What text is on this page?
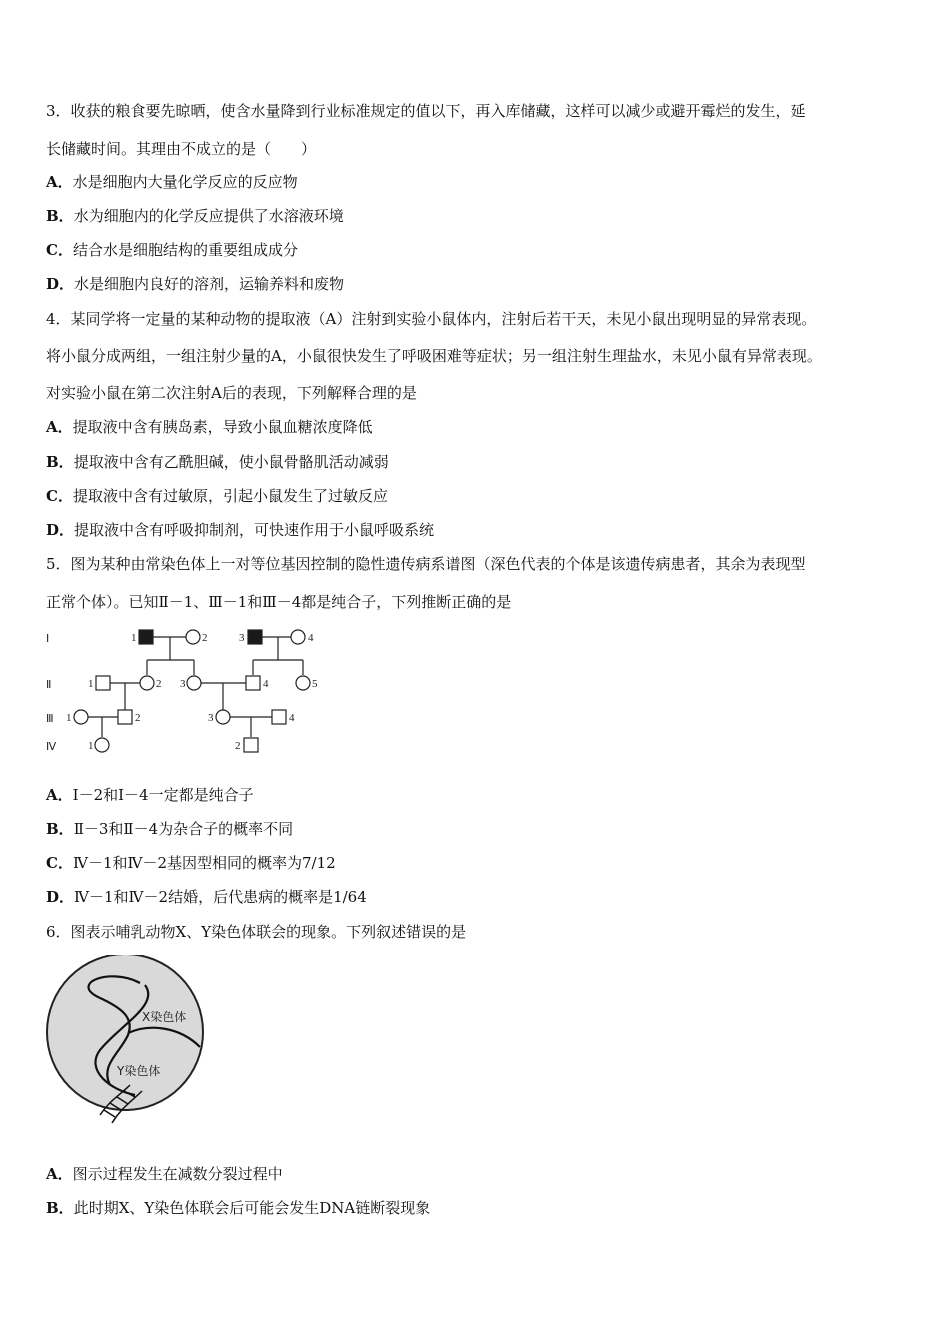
3．收获的粮食要先晾晒，使含水量降到行业标准规定的值以下，再入库储藏，这样可以减少或避开霉烂的发生，延
长储藏时间。其理由不成立的是（　　）
A．水是细胞内大量化学反应的反应物
B．水为细胞内的化学反应提供了水溶液环境
C．结合水是细胞结构的重要组成成分
D．水是细胞内良好的溶剂，运输养料和废物
4．某同学将一定量的某种动物的提取液（A）注射到实验小鼠体内，注射后若干天，未见小鼠出现明显的异常表现。
将小鼠分成两组，一组注射少量的A，小鼠很快发生了呼吸困难等症状；另一组注射生理盐水，未见小鼠有异常表现。
对实验小鼠在第二次注射A后的表现，下列解释合理的是
A．提取液中含有胰岛素，导致小鼠血糖浓度降低
B．提取液中含有乙酰胆碱，使小鼠骨骼肌活动减弱
C．提取液中含有过敏原，引起小鼠发生了过敏反应
D．提取液中含有呼吸抑制剂，可快速作用于小鼠呼吸系统
5．图为某种由常染色体上一对等位基因控制的隐性遗传病系谱图（深色代表的个体是该遗传病患者，其余为表现型
正常个体）。已知Ⅱ－1、Ⅲ－1和Ⅲ－4都是纯合子，下列推断正确的是
Ⅰ
Ⅱ
Ⅲ
Ⅳ
1	2	3	4
1	2 3	4	5
1	2	3	4
1	2
A．Ⅰ－2和Ⅰ－4一定都是纯合子
B．Ⅱ－3和Ⅱ－4为杂合子的概率不同
C．Ⅳ－1和Ⅳ－2基因型相同的概率为7/12
D．Ⅳ－1和Ⅳ－2结婚，后代患病的概率是1/64
6．图表示哺乳动物X、Y染色体联会的现象。下列叙述错误的是
X染色体
Y染色体
A．图示过程发生在减数分裂过程中
B．此时期X、Y染色体联会后可能会发生DNA链断裂现象
